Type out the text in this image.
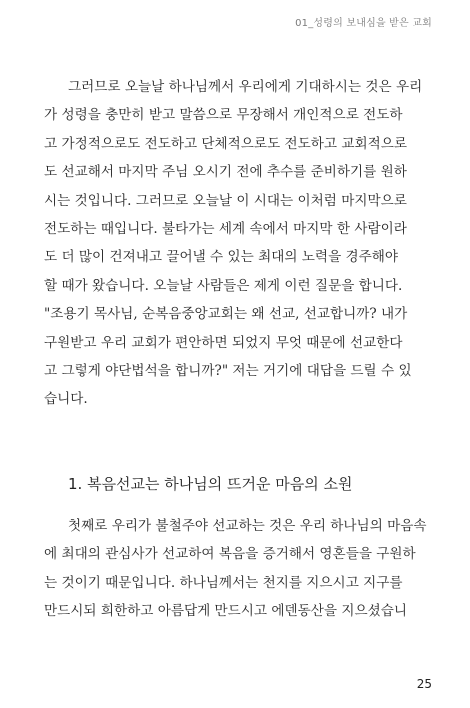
01_성령의 보내심을 받은 교회
그러므로 오늘날 하나님께서 우리에게 기대하시는 것은 우리
가 성령을 충만히 받고 말씀으로 무장해서 개인적으로 전도하
고 가정적으로도 전도하고 단체적으로도 전도하고 교회적으로
도 선교해서 마지막 주님 오시기 전에 추수를 준비하기를 원하
시는 것입니다. 그러므로 오늘날 이 시대는 이처럼 마지막으로
전도하는 때입니다. 불타가는 세계 속에서 마지막 한 사람이라
도 더 많이 건져내고 끌어낼 수 있는 최대의 노력을 경주해야
할 때가 왔습니다. 오늘날 사람들은 제게 이런 질문을 합니다.
"조용기 목사님, 순복음중앙교회는 왜 선교, 선교합니까? 내가
구원받고 우리 교회가 편안하면 되었지 무엇 때문에 선교한다
고 그렇게 야단법석을 합니까?" 저는 거기에 대답을 드릴 수 있
습니다.
1. 복음선교는 하나님의 뜨거운 마음의 소원
첫째로 우리가 불철주야 선교하는 것은 우리 하나님의 마음속
에 최대의 관심사가 선교하여 복음을 증거해서 영혼들을 구원하
는 것이기 때문입니다. 하나님께서는 천지를 지으시고 지구를
만드시되 희한하고 아름답게 만드시고 에덴동산을 지으셨습니
25
